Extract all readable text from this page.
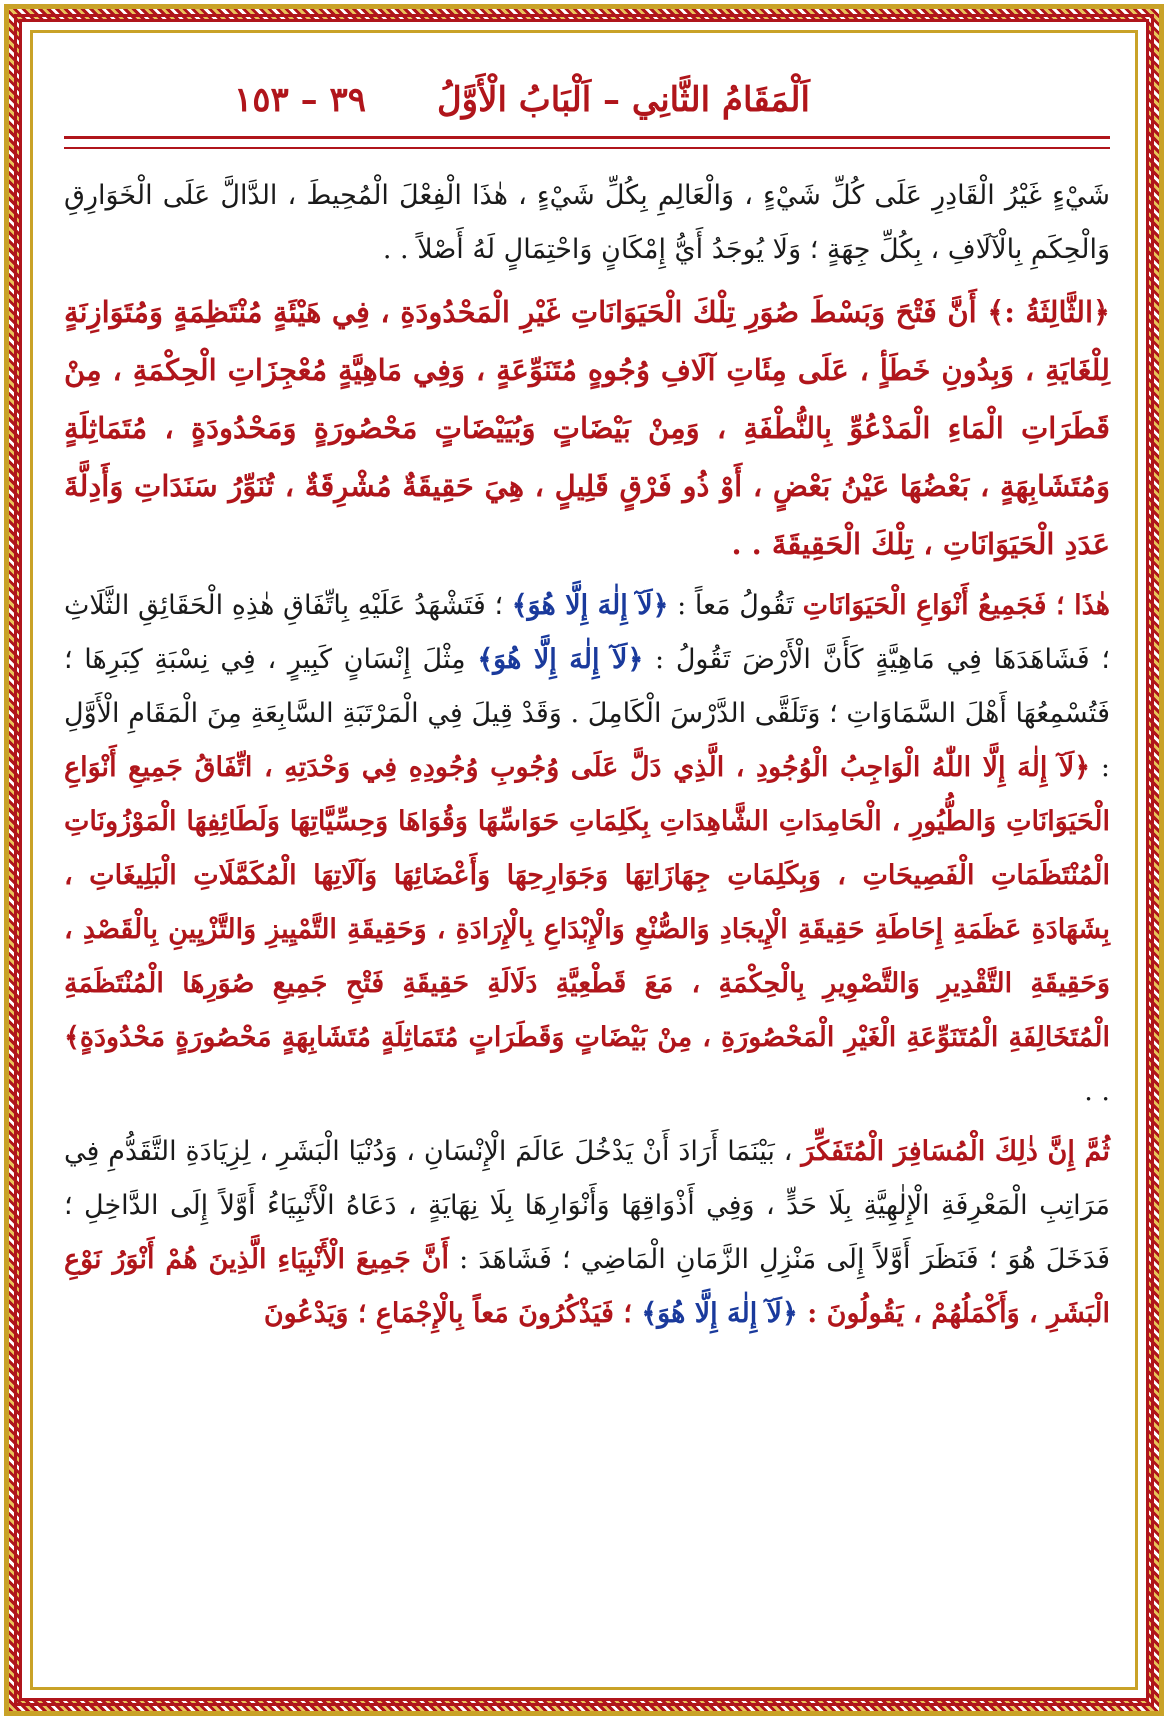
اَلْمَقَامُ الثَّانِي – اَلْبَابُ الْأَوَّلُ
٣٩ – ١٥٣

شَيْءٍ غَيْرُ الْقَادِرِ عَلَى كُلِّ شَيْءٍ ، وَالْعَالِمِ بِكُلِّ شَيْءٍ ، هٰذَا الْفِعْلَ الْمُحِيطَ ، الدَّالَّ عَلَى الْخَوَارِقِ وَالْحِكَمِ بِالْآلَافِ ، بِكُلِّ جِهَةٍ ؛ وَلَا يُوجَدُ أَيُّ إِمْكَانٍ وَاحْتِمَالٍ لَهُ أَصْلاً . .

﴿الثَّالِثَةُ :﴾ أَنَّ فَتْحَ وَبَسْطَ صُوَرِ تِلْكَ الْحَيَوَانَاتِ غَيْرِ الْمَحْدُودَةِ ، فِي هَيْئَةٍ مُنْتَظِمَةٍ وَمُتَوَازِنَةٍ لِلْغَايَةِ ، وَبِدُونِ خَطَأٍ ، عَلَى مِئَاتِ آلَافِ وُجُوهٍ مُتَنَوِّعَةٍ ، وَفِي مَاهِيَّةٍ مُعْجِزَاتِ الْحِكْمَةِ ، مِنْ قَطَرَاتِ الْمَاءِ الْمَدْعُوِّ بِالنُّطْفَةِ ، وَمِنْ بَيْضَاتٍ وَبُيَيْضَاتٍ مَحْصُورَةٍ وَمَحْدُودَةٍ ، مُتَمَاثِلَةٍ وَمُتَشَابِهَةٍ ، بَعْضُهَا عَيْنُ بَعْضٍ ، أَوْ ذُو فَرْقٍ قَلِيلٍ ، هِيَ حَقِيقَةٌ مُشْرِقَةٌ ، تُنَوِّرُ سَنَدَاتِ وَأَدِلَّةَ عَدَدِ الْحَيَوَانَاتِ ، تِلْكَ الْحَقِيقَةَ . .

هٰذَا ؛ فَجَمِيعُ أَنْوَاعِ الْحَيَوَانَاتِ تَقُولُ مَعاً : ﴿لَآ إِلٰهَ إِلَّا هُوَ﴾ ؛ فَتَشْهَدُ عَلَيْهِ بِاتِّفَاقِ هٰذِهِ الْحَقَائِقِ الثَّلَاثِ ؛ فَشَاهَدَهَا فِي مَاهِيَّةٍ كَأَنَّ الْأَرْضَ تَقُولُ : ﴿لَآ إِلٰهَ إِلَّا هُوَ﴾ مِثْلَ إِنْسَانٍ كَبِيرٍ ، فِي نِسْبَةِ كِبَرِهَا ؛ فَتُسْمِعُهَا أَهْلَ السَّمَاوَاتِ ؛ وَتَلَقَّى الدَّرْسَ الْكَامِلَ . وَقَدْ قِيلَ فِي الْمَرْتَبَةِ السَّابِعَةِ مِنَ الْمَقَامِ الْأَوَّلِ : ﴿لَآ إِلٰهَ إِلَّا اللّٰهُ الْوَاجِبُ الْوُجُودِ ، الَّذِي دَلَّ عَلَى وُجُوبِ وُجُودِهِ فِي وَحْدَتِهِ ، اتِّفَاقُ جَمِيعِ أَنْوَاعِ الْحَيَوَانَاتِ وَالطُّيُورِ ، الْحَامِدَاتِ الشَّاهِدَاتِ بِكَلِمَاتِ حَوَاسِّهَا وَقُوَاهَا وَحِسِّيَّاتِهَا وَلَطَائِفِهَا الْمَوْزُونَاتِ الْمُنْتَظَمَاتِ الْفَصِيحَاتِ ، وَبِكَلِمَاتِ جِهَازَاتِهَا وَجَوَارِحِهَا وَأَعْضَائِهَا وَآلَاتِهَا الْمُكَمَّلَاتِ الْبَلِيغَاتِ ، بِشَهَادَةِ عَظَمَةِ إِحَاطَةِ حَقِيقَةِ الْإِيجَادِ وَالصُّنْعِ وَالْإِبْدَاعِ بِالْإِرَادَةِ ، وَحَقِيقَةِ التَّمْيِيزِ وَالتَّزْيِينِ بِالْقَصْدِ ، وَحَقِيقَةِ التَّقْدِيرِ وَالتَّصْوِيرِ بِالْحِكْمَةِ ، مَعَ قَطْعِيَّةِ دَلَالَةِ حَقِيقَةِ فَتْحِ جَمِيعِ صُوَرِهَا الْمُنْتَظَمَةِ الْمُتَخَالِفَةِ الْمُتَنَوِّعَةِ الْغَيْرِ الْمَحْصُورَةِ ، مِنْ بَيْضَاتٍ وَقَطَرَاتٍ مُتَمَاثِلَةٍ مُتَشَابِهَةٍ مَحْصُورَةٍ مَحْدُودَةٍ﴾ . .

ثُمَّ إِنَّ ذٰلِكَ الْمُسَافِرَ الْمُتَفَكِّرَ ، بَيْنَمَا أَرَادَ أَنْ يَدْخُلَ عَالَمَ الْإِنْسَانِ ، وَدُنْيَا الْبَشَرِ ، لِزِيَادَةِ التَّقَدُّمِ فِي مَرَاتِبِ الْمَعْرِفَةِ الْإِلٰهِيَّةِ بِلَا حَدٍّ ، وَفِي أَذْوَاقِهَا وَأَنْوَارِهَا بِلَا نِهَايَةٍ ، دَعَاهُ الْأَنْبِيَاءُ أَوَّلاً إِلَى الدَّاخِلِ ؛ فَدَخَلَ هُوَ ؛ فَنَظَرَ أَوَّلاً إِلَى مَنْزِلِ الزَّمَانِ الْمَاضِي ؛ فَشَاهَدَ : أَنَّ جَمِيعَ الْأَنْبِيَاءِ الَّذِينَ هُمْ أَنْوَرُ نَوْعِ الْبَشَرِ ، وَأَكْمَلُهُمْ ، يَقُولُونَ : ﴿لَآ إِلٰهَ إِلَّا هُوَ﴾ ؛ فَيَذْكُرُونَ مَعاً بِالْإِجْمَاعِ ؛ وَيَدْعُونَ
